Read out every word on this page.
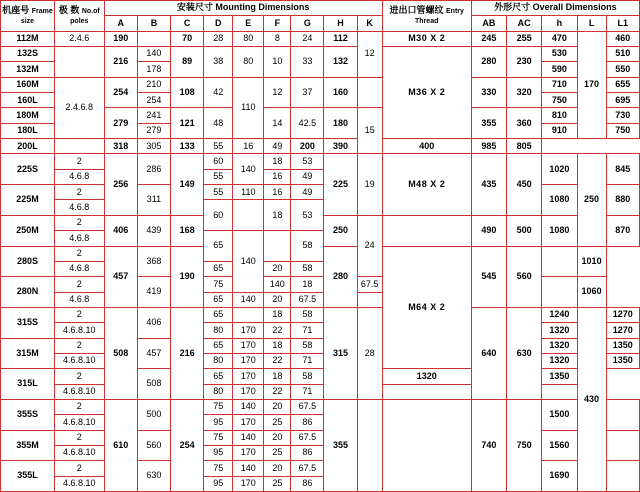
机座号 Frame size	极 数 No.of poles	安装尺寸 Mounting Dimensions									进出口管螺纹 Entry Thread	外形尺寸 Overall Dimensions				
		A	B	C	D	E	F	G	H	K		AB	AC	h	L	L1
112M	2.4.6	190		70	28	80	8	24	112	12	M30 X 2	245	255	470	170	460
132S		216	140	89	38	80	10	33	132		M36 X 2	280	230	530		510
132M			178											590		550
160M	2.4.6.8	254	210	108	42	110	12	37	160			330	320	710		655
160L			254											750		695
180M		279	241	121	48		14	42.5	180	15		355	360	810		730
180L			279											910		750
200L		318	305	133	55	16	49	200	390		400	985	805			
225S	2	256	286	149	60	140	18	53	225	19	M48 X 2	435	450	1020	250	845
	4.6.8				55		16	49								
225M	2		311		55	110	16	49						1080		880
	4.6.8				60		18	53								
250M	2	406	439	168					250	24		490	500	1080		870
	4.6.8				65	140		58								
280S	2	457	368	190					280		M64 X 2	545	560		1010	
	4.6.8				65		20	58								
280N	2		419		75		140	18		67.5					1060	
	4.6.8				65	140	20	67.5								
315S	2	508	406	216	65		18	58	315	28		640	630	1240	430	1270
	4.6.8.10				80	170	22	71						1320		1270
315M	2		457		65	170	18	58						1320		1350
	4.6.8.10				80	170	22	71						1320		1350
315L	2		508		65	170	18	58			1320			1350		
	4.6.8.10				80	170	22	71								
355S	2	610	500	254	75	140	20	67.5	355			740	750	1500		
	4.6.8.10				95	170	25	86								
355M	2		560		75	140	20	67.5						1560		
	4.6.8.10				95	170	25	86								
355L	2		630		75	140	20	67.5						1690		
	4.6.8.10				95	170	25	86								
